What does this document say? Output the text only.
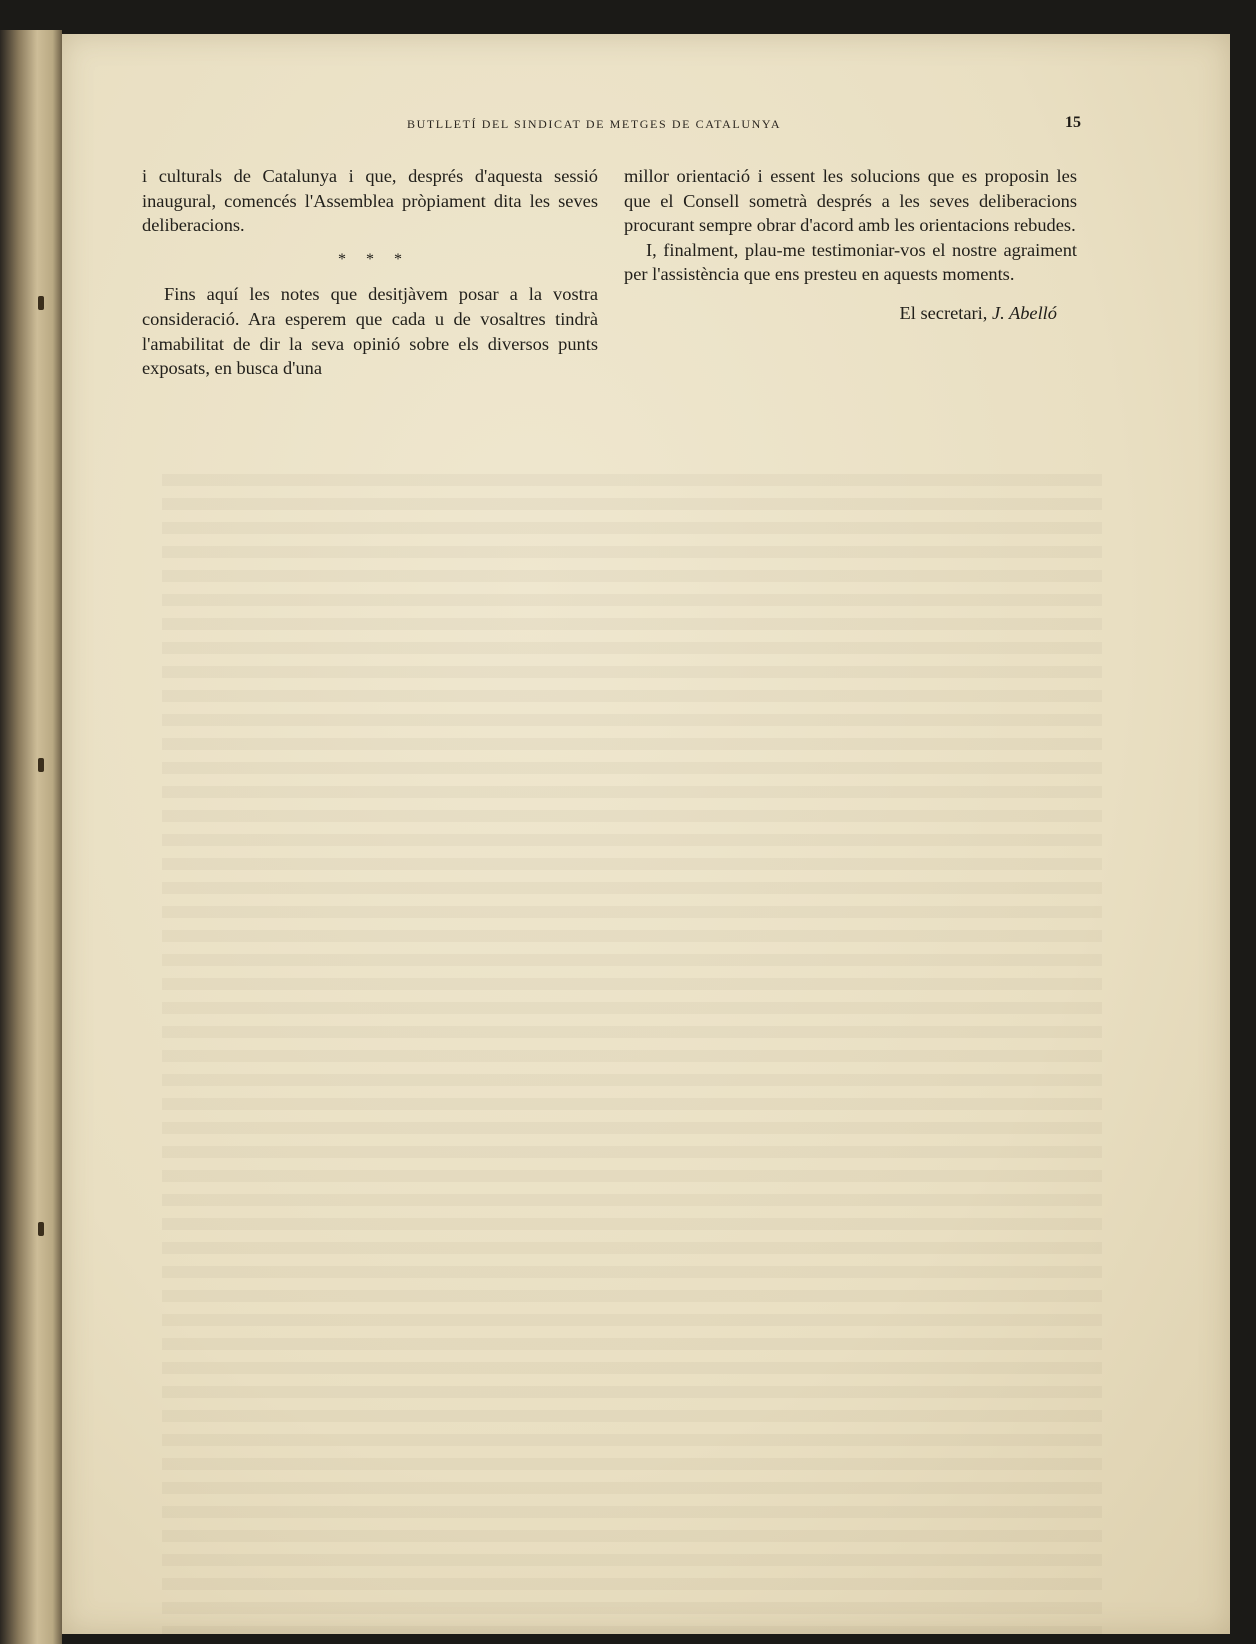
BUTLLETÍ DEL SINDICAT DE METGES DE CATALUNYA	15

i culturals de Catalunya i que, després d'aquesta sessió inaugural, comencés l'Assemblea pròpiament dita les seves deliberacions.

* * *

Fins aquí les notes que desitjàvem posar a la vostra consideració. Ara esperem que cada u de vosaltres tindrà l'amabilitat de dir la seva opinió sobre els diversos punts exposats, en busca d'una

millor orientació i essent les solucions que es proposin les que el Consell sometrà després a les seves deliberacions procurant sempre obrar d'acord amb les orientacions rebudes.

I, finalment, plau-me testimoniar-vos el nostre agraiment per l'assistència que ens presteu en aquests moments.

El secretari, J. Abelló
